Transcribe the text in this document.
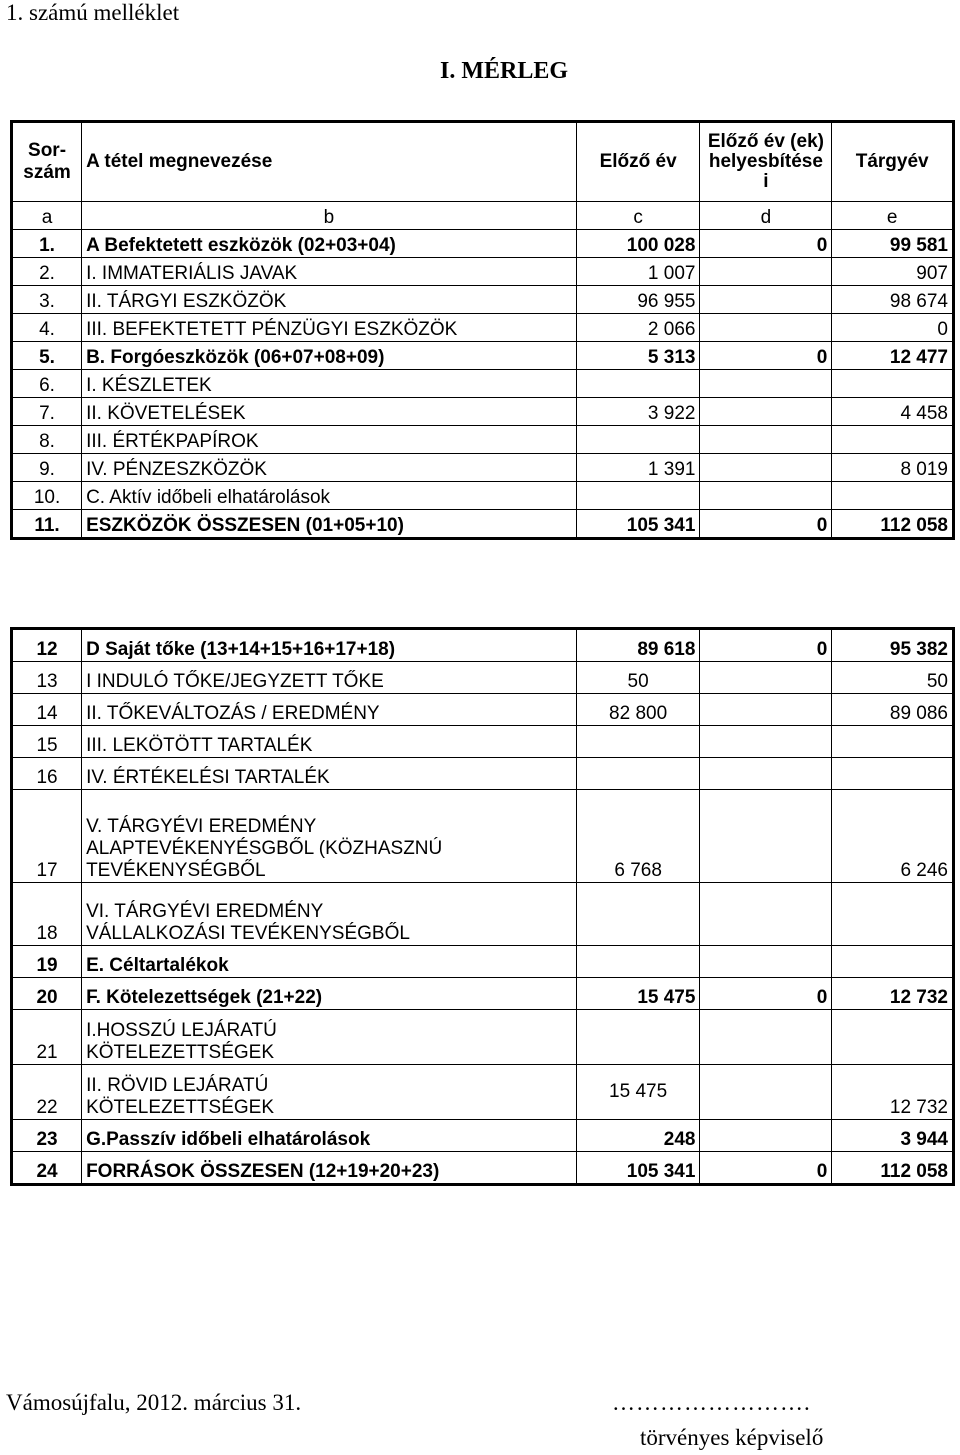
1. számú melléklet
I. MÉRLEG
Sor-
szám	A tétel megnevezése	Előző év	Előző év (ek)
helyesbítése
i	Tárgyév
a	b	c	d	e
1.	A Befektetett eszközök (02+03+04)	100 028	0	99 581
2.	I. IMMATERIÁLIS JAVAK	1 007		907
3.	II. TÁRGYI ESZKÖZÖK	96 955		98 674
4.	III. BEFEKTETETT PÉNZÜGYI ESZKÖZÖK	2 066		0
5.	B. Forgóeszközök (06+07+08+09)	5 313	0	12 477
6.	I. KÉSZLETEK			
7.	II. KÖVETELÉSEK	3 922		4 458
8.	III. ÉRTÉKPAPÍROK			
9.	IV. PÉNZESZKÖZÖK	1 391		8 019
10.	C. Aktív időbeli elhatárolások			
11.	ESZKÖZÖK ÖSSZESEN (01+05+10)	105 341	0	112 058
12	D Saját tőke (13+14+15+16+17+18)	89 618	0	95 382
13	I INDULÓ TŐKE/JEGYZETT TŐKE	50		50
14	II. TŐKEVÁLTOZÁS / EREDMÉNY	82 800		89 086
15	III. LEKÖTÖTT TARTALÉK			
16	IV. ÉRTÉKELÉSI TARTALÉK			
17	V. TÁRGYÉVI EREDMÉNY
ALAPTEVÉKENYÉSGBŐL (KÖZHASZNÚ
TEVÉKENYSÉGBŐL	6 768		6 246
18	VI. TÁRGYÉVI EREDMÉNY
VÁLLALKOZÁSI TEVÉKENYSÉGBŐL			
19	E. Céltartalékok			
20	F. Kötelezettségek (21+22)	15 475	0	12 732
21	I.HOSSZÚ LEJÁRATÚ
KÖTELEZETTSÉGEK			
22	II. RÖVID LEJÁRATÚ
KÖTELEZETTSÉGEK	15 475		12 732
23	G.Passzív időbeli elhatárolások	248		3 944
24	FORRÁSOK ÖSSZESEN (12+19+20+23)	105 341	0	112 058
Vámosújfalu, 2012. március 31.	…………………….
törvényes képviselő
